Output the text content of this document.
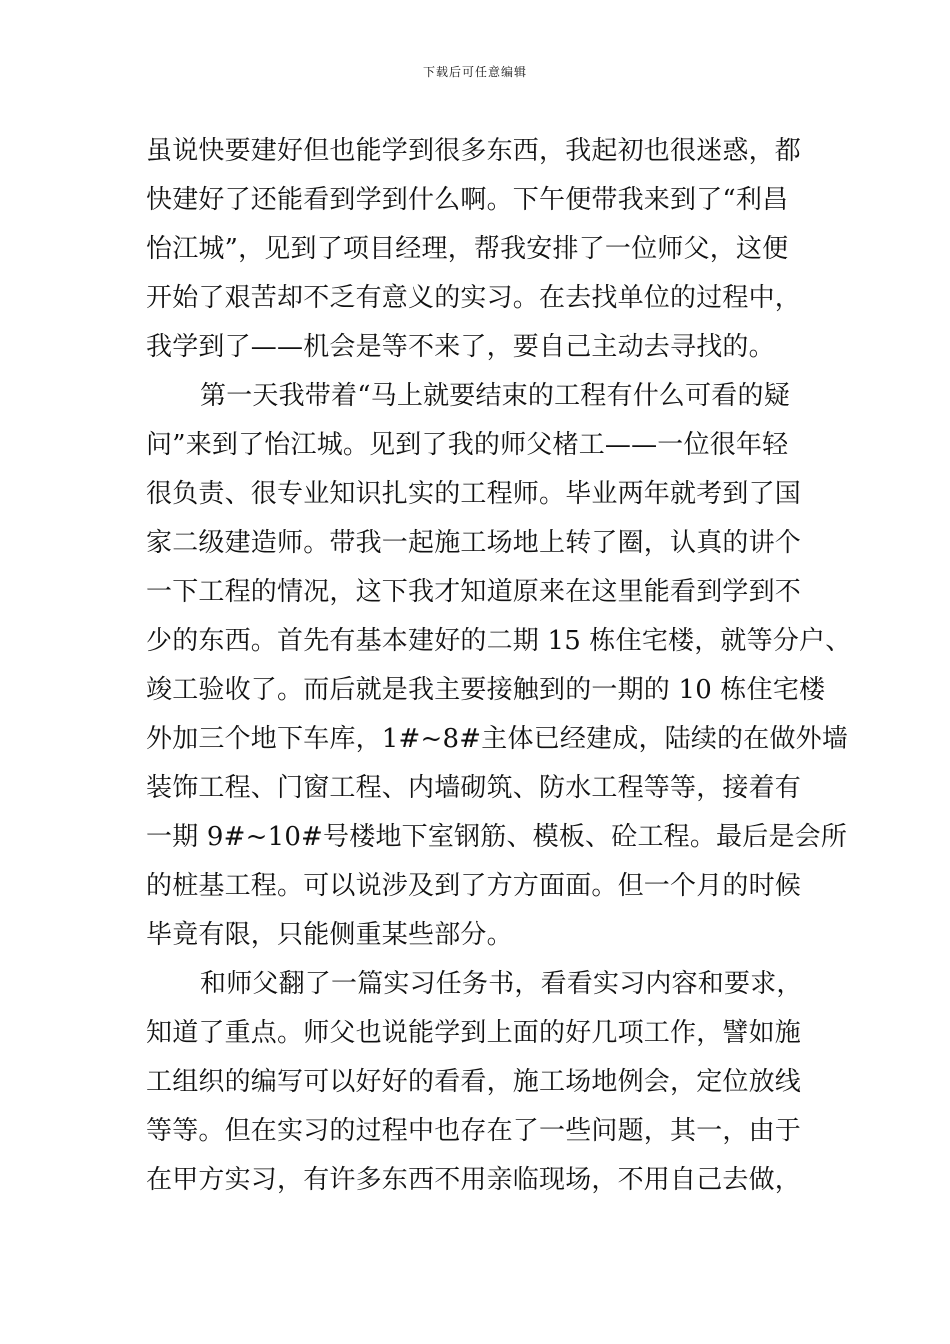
下载后可任意编辑
虽说快要建好但也能学到很多东西，我起初也很迷惑，都
快建好了还能看到学到什么啊。下午便带我来到了“利昌
怡江城”，见到了项目经理，帮我安排了一位师父，这便
开始了艰苦却不乏有意义的实习。在去找单位的过程中，
我学到了——机会是等不来了，要自己主动去寻找的。
第一天我带着“马上就要结束的工程有什么可看的疑
问”来到了怡江城。见到了我的师父楮工——一位很年轻
很负责、很专业知识扎实的工程师。毕业两年就考到了国
家二级建造师。带我一起施工场地上转了圈，认真的讲个
一下工程的情况，这下我才知道原来在这里能看到学到不
少的东西。首先有基本建好的二期 15 栋住宅楼，就等分户、
竣工验收了。而后就是我主要接触到的一期的 10 栋住宅楼
外加三个地下车库，1#~8#主体已经建成，陆续的在做外墙
装饰工程、门窗工程、内墙砌筑、防水工程等等，接着有
一期 9#~10#号楼地下室钢筋、模板、砼工程。最后是会所
的桩基工程。可以说涉及到了方方面面。但一个月的时候
毕竟有限，只能侧重某些部分。
和师父翻了一篇实习任务书，看看实习内容和要求，
知道了重点。师父也说能学到上面的好几项工作，譬如施
工组织的编写可以好好的看看，施工场地例会，定位放线
等等。但在实习的过程中也存在了一些问题，其一，由于
在甲方实习，有许多东西不用亲临现场，不用自己去做，
